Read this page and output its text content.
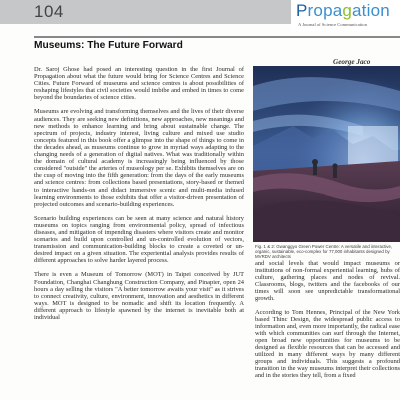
104	Propagation
A Journal of Science Communication
Museums: The Future Forward
George Jaco

Dr. Saroj Ghose had posed an interesting question in the first Journal of Propagation about what the future would bring for Science Centres and Science Cities. Future Forward of museums and science centres is about possibilities of reshaping lifestyles that civil societies would imbibe and embed in times to come beyond the boundaries of science cities.

Museums are evolving and transforming themselves and the lives of their diverse audiences. They are seeking new definitions, new approaches, new meanings and new methods to enhance learning and bring about sustainable change. The spectrum of projects, industry interest, living culture and mixed use studio concepts featured in this book offer a glimpse into the shape of things to come in the decades ahead, as museums continue to grow in myriad ways adapting to the changing needs of a generation of digital natives. What was traditionally within the domain of cultural academy is increasingly being influenced by those considered "outside" the arteries of museology per se. Exhibits themselves are on the cusp of moving into the fifth generation: from the days of the early museums and science centres: from collections based presentations, story-based or themed to interactive hands-on and didact immersive scenic and multi-media infused learning environments to those exhibits that offer a visitor-driven presentation of projected outcomes and scenario-building experiences.

Scenario building experiences can be seen at many science and natural history museums on topics ranging from environmental policy, spread of infectious diseases, and mitigation of impending disasters where visitors create and monitor scenarios and build upon controlled and un-controlled evolution of vectors, transmission and communication-building blocks to create a coveted or un-desired impact on a given situation. The experiential analysis provides results of different approaches to solve harder layered process.

There is even a Museum of Tomorrow (MOT) in Taipei conceived by JUT Foundation, Changhai Changhung Construction Company, and Pinapier, open 24 hours a day selling the visitors "A better tomorrow awaits your visit" as it strives to connect creativity, culture, environment, innovation and aesthetics in different ways. MOT is designed to be nomadic and shift its location frequently. A different approach to lifestyle spawned by the internet is inevitable both at individual

Fig. 1 & 2: Gwanggyo Green Power Centre: A versatile and interactive, organic, sustainable, eco-complex for 77,000 inhabitants designed by MVRDV architects

and social levels that would impact museums or institutions of non-formal experiential learning, hubs of culture, gathering places and nodes of revival. Classrooms, blogs, twitters and the facebooks of our times will soon see unpredictable transformational growth.

According to Tom Hennes, Principal of the New York based Thinc Design, the widespread public access to information and, even more importantly, the radical ease with which communities can surf through the Internet, open broad new opportunities for museums to be designed as flexible resources that can be accessed and utilized in many different ways by many different groups and individuals. This suggests a profound transition in the way museums interpret their collections and in the stories they tell, from a fixed
